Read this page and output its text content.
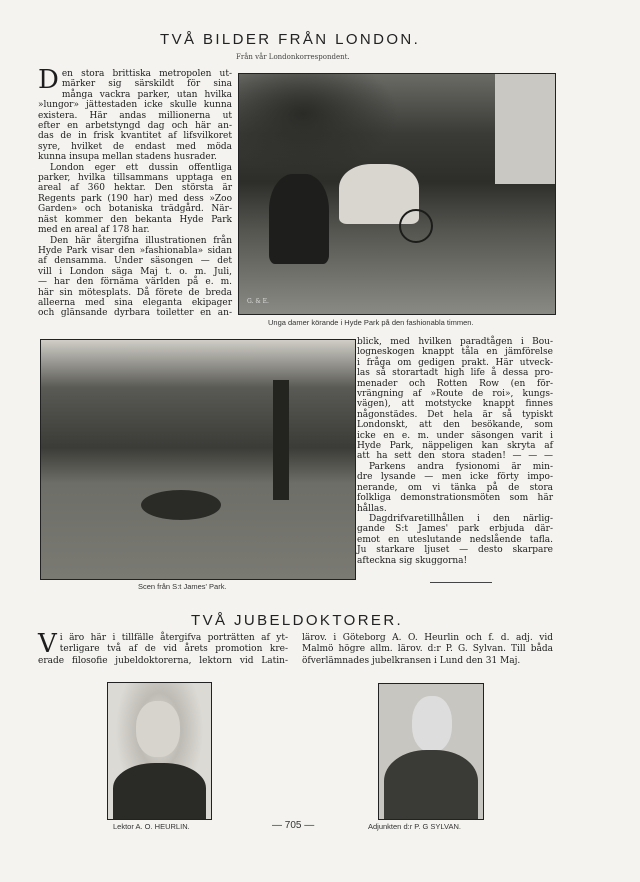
TVÅ BILDER FRÅN LONDON.
Från vår Londonkorrespondent.
D en stora brittiska metropolen ut-
märker sig särskildt för sina
många vackra parker, utan hvilka
»lungor» jättestaden icke skulle kunna
existera. Här andas millionerna ut
efter en arbetstyngd dag och här an-
das de in frisk kvantitet af lifsvilkoret
syre, hvilket de endast med möda
kunna insupa mellan stadens husrader.
London eger ett dussin offentliga
parker, hvilka tillsammans upptaga en
areal af 360 hektar. Den största är
Regents park (190 har) med dess »Zoo
Garden» och botaniska trädgård. När-
näst kommer den bekanta Hyde Park
med en areal af 178 har.
Den här återgifna illustrationen från
Hyde Park visar den »fashionabla» sidan
af densamma. Under säsongen — det
vill i London säga Maj t. o. m. Juli,
— har den förnäma världen på e. m.
här sin mötesplats. Då förete de breda
alleerna med sina eleganta ekipager
och glänsande dyrbara toiletter en an-
G. & E.
Unga damer körande i Hyde Park på den fashionabla timmen.
Scen från S:t James' Park.
blick, med hvilken paradtågen i Bou-
logneskogen knappt tåla en jämförelse
i fråga om gedigen prakt. Här utveck-
las så storartadt high life å dessa pro-
menader och Rotten Row (en för-
vrängning af »Route de roi», kungs-
vägen), att motstycke knappt finnes
någonstädes. Det hela är så typiskt
Londonskt, att den besökande, som
icke en e. m. under säsongen varit i
Hyde Park, näppeligen kan skryta af
att ha sett den stora staden! — — —
Parkens andra fysionomi är min-
dre lysande — men icke förty impo-
nerande, om vi tänka på de stora
folkliga demonstrationsmöten som här
hållas.
Dagdrifvaretillhållen i den närlig-
gande S:t James' park erbjuda där-
emot en uteslutande nedslående tafla.
Ju starkare ljuset — desto skarpare
afteckna sig skuggorna!
TVÅ JUBELDOKTORER.
V i äro här i tillfälle återgifva porträtten af yt-
terligare två af de vid årets promotion kre-
erade filosofie jubeldoktorerna, lektorn vid Latin-
lärov. i Göteborg A. O. Heurlin och f. d. adj. vid
Malmö högre allm. lärov. d:r P. G. Sylvan. Till båda
öfverlämnades jubelkransen i Lund den 31 Maj.
Lektor A. O. HEURLIN.	— 705 —	Adjunkten d:r P. G SYLVAN.
